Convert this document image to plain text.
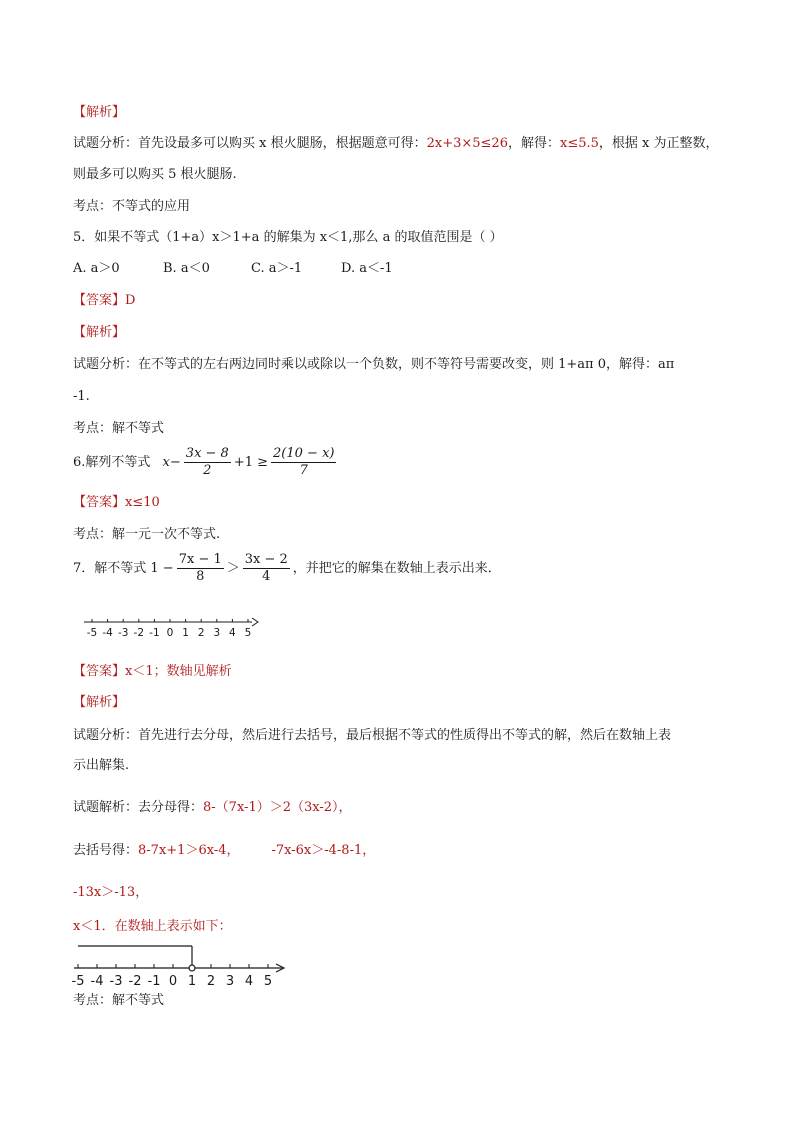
【解析】
试题分析：首先设最多可以购买 x 根火腿肠，根据题意可得：2x+3×5≤26，解得：x≤5.5，根据 x 为正整数，
则最多可以购买 5 根火腿肠.
考点：不等式的应用
5．如果不等式（1+a）x＞1+a 的解集为 x＜1,那么 a 的取值范围是（ ）
A. a＞0	B. a＜0	C. a＞-1	D. a＜-1
【答案】D
【解析】
试题分析：在不等式的左右两边同时乘以或除以一个负数，则不等符号需要改变，则 1+aπ 0，解得：aπ
-1.
考点：解不等式
6.解列不等式 $x- \frac{3x - 8}{2} +1 \ge \frac{2(10 - x)}{7}$
【答案】x≤10
考点：解一元一次不等式.
7．解不等式 $1 - \frac{7x - 1}{8} > \frac{3x - 2}{4}$ ，并把它的解集在数轴上表示出来．
-5 -4 -3 -2 -1 0 1 2 3 4 5
【答案】x＜1；数轴见解析
【解析】
试题分析：首先进行去分母，然后进行去括号，最后根据不等式的性质得出不等式的解，然后在数轴上表
示出解集.
试题解析：去分母得：8-（7x-1）＞2（3x-2），
去括号得：8-7x+1＞6x-4， -7x-6x＞-4-8-1，
-13x＞-13，
x＜1．在数轴上表示如下：
-5 -4 -3 -2 -1 0 1 2 3 4 5
考点：解不等式
